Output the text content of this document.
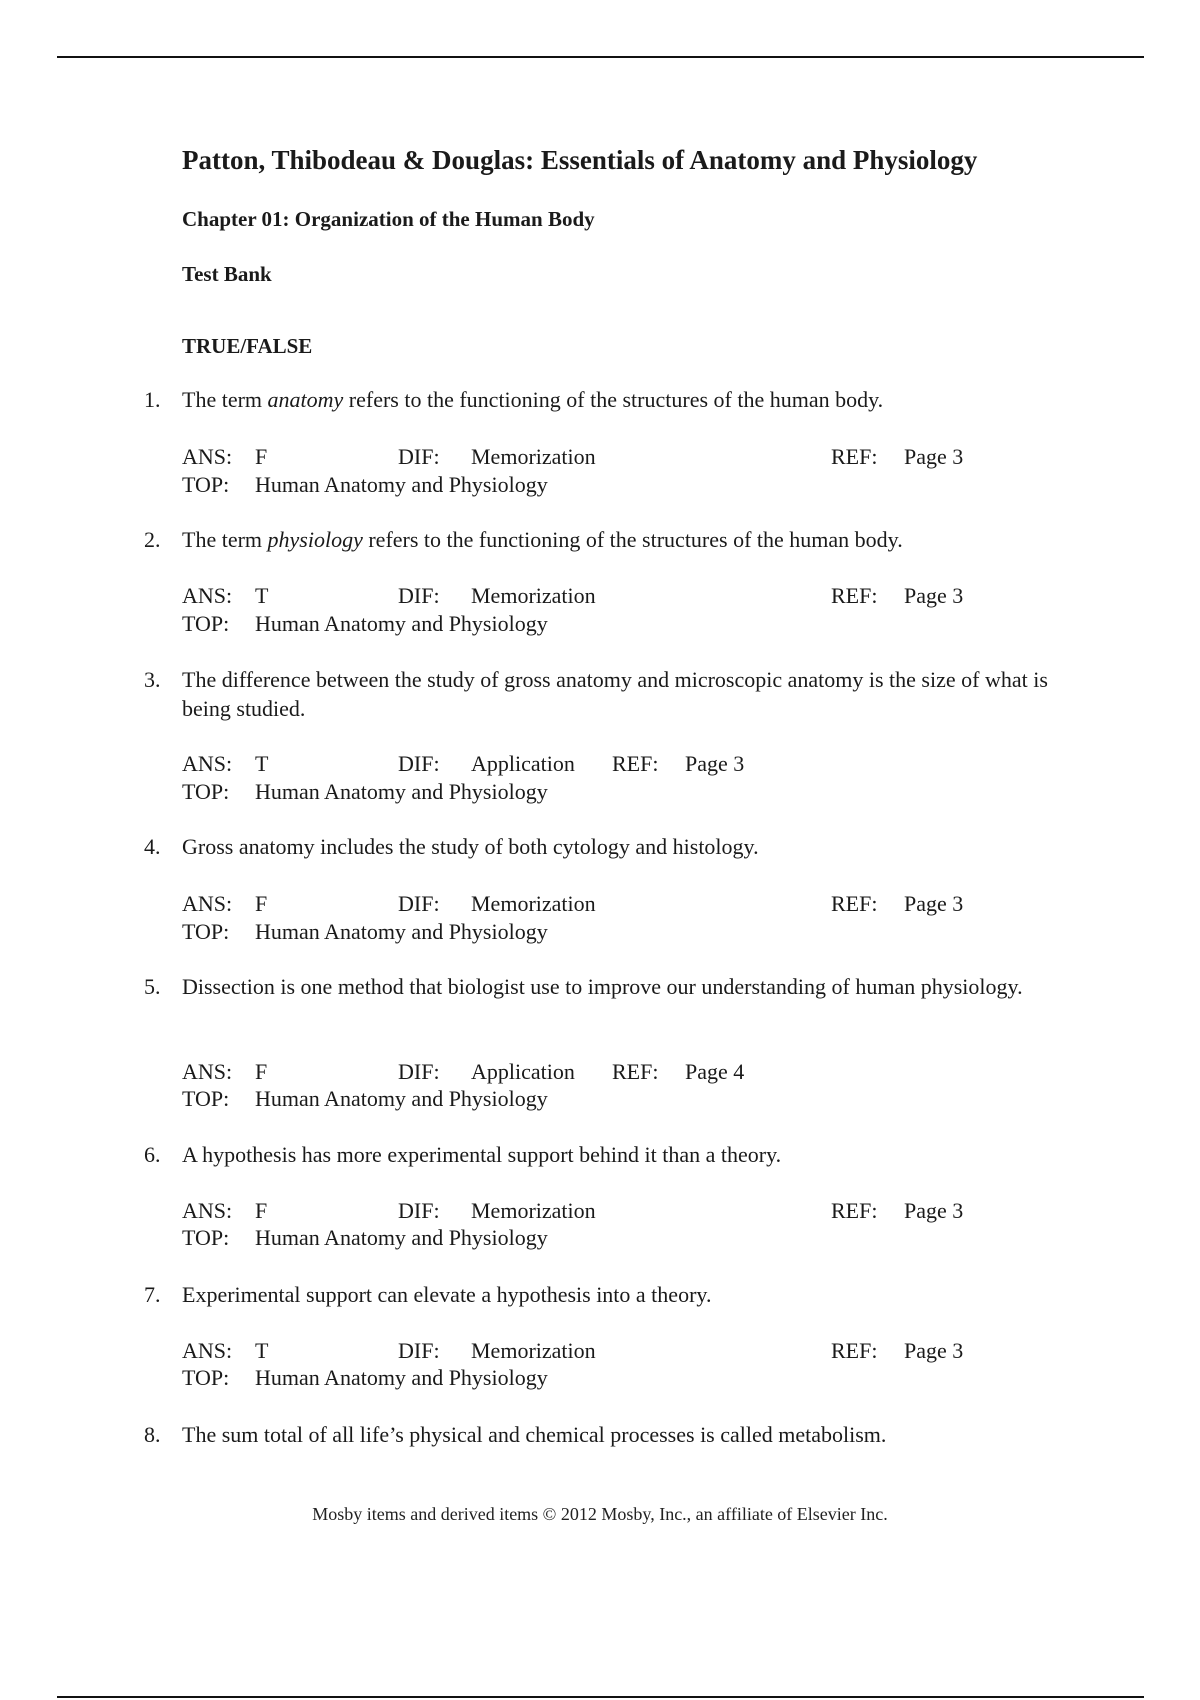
Patton, Thibodeau & Douglas: Essentials of Anatomy and Physiology
Chapter 01: Organization of the Human Body
Test Bank
TRUE/FALSE
1. The term anatomy refers to the functioning of the structures of the human body.
ANS: F	DIF: Memorization	REF: Page 3
TOP: Human Anatomy and Physiology
2. The term physiology refers to the functioning of the structures of the human body.
ANS: T	DIF: Memorization	REF: Page 3
TOP: Human Anatomy and Physiology
3. The difference between the study of gross anatomy and microscopic anatomy is the size of what is being studied.
ANS: T	DIF: Application REF: Page 3
TOP: Human Anatomy and Physiology
4. Gross anatomy includes the study of both cytology and histology.
ANS: F	DIF: Memorization	REF: Page 3
TOP: Human Anatomy and Physiology
5. Dissection is one method that biologist use to improve our understanding of human physiology.
ANS: F	DIF: Application REF: Page 4
TOP: Human Anatomy and Physiology
6. A hypothesis has more experimental support behind it than a theory.
ANS: F	DIF: Memorization	REF: Page 3
TOP: Human Anatomy and Physiology
7. Experimental support can elevate a hypothesis into a theory.
ANS: T	DIF: Memorization	REF: Page 3
TOP: Human Anatomy and Physiology
8. The sum total of all life’s physical and chemical processes is called metabolism.
Mosby items and derived items © 2012 Mosby, Inc., an affiliate of Elsevier Inc.
